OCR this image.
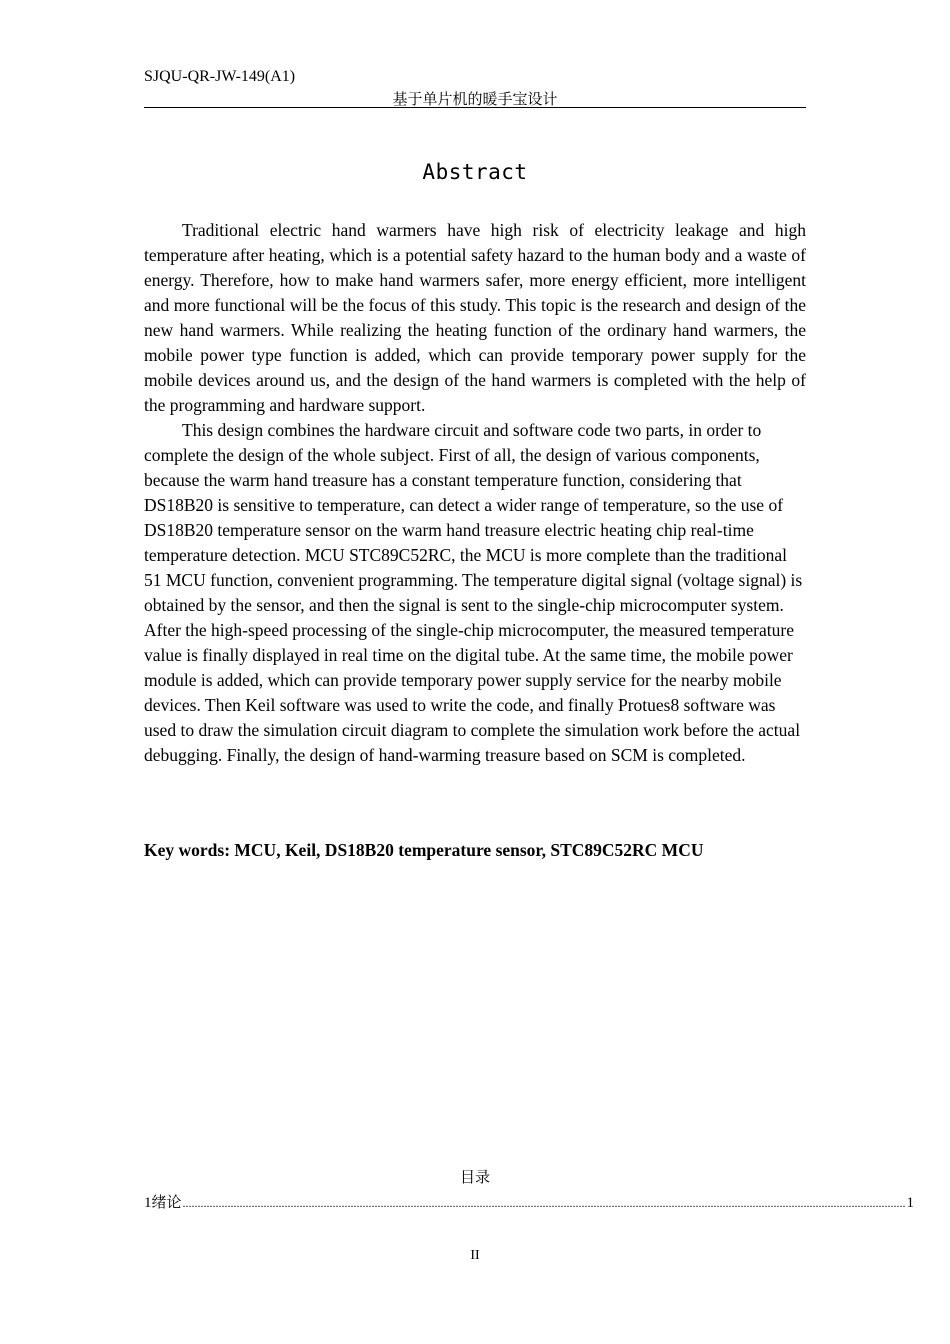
SJQU-QR-JW-149(A1)
基于单片机的暖手宝设计
Abstract

Traditional electric hand warmers have high risk of electricity leakage and high temperature after heating, which is a potential safety hazard to the human body and a waste of energy. Therefore, how to make hand warmers safer, more energy efficient, more intelligent and more functional will be the focus of this study. This topic is the research and design of the new hand warmers. While realizing the heating function of the ordinary hand warmers, the mobile power type function is added, which can provide temporary power supply for the mobile devices around us, and the design of the hand warmers is completed with the help of the programming and hardware support.

This design combines the hardware circuit and software code two parts, in order to complete the design of the whole subject. First of all, the design of various components, because the warm hand treasure has a constant temperature function, considering that DS18B20 is sensitive to temperature, can detect a wider range of temperature, so the use of DS18B20 temperature sensor on the warm hand treasure electric heating chip real-time temperature detection. MCU STC89C52RC, the MCU is more complete than the traditional 51 MCU function, convenient programming. The temperature digital signal (voltage signal) is obtained by the sensor, and then the signal is sent to the single-chip microcomputer system. After the high-speed processing of the single-chip microcomputer, the measured temperature value is finally displayed in real time on the digital tube. At the same time, the mobile power module is added, which can provide temporary power supply service for the nearby mobile devices. Then Keil software was used to write the code, and finally Protues8 software was used to draw the simulation circuit diagram to complete the simulation work before the actual debugging. Finally, the design of hand-warming treasure based on SCM is completed.

Key words: MCU, Keil, DS18B20 temperature sensor, STC89C52RC MCU
目录
1 绪论 ................................................................................................................................................................................................................................................. 1
II
